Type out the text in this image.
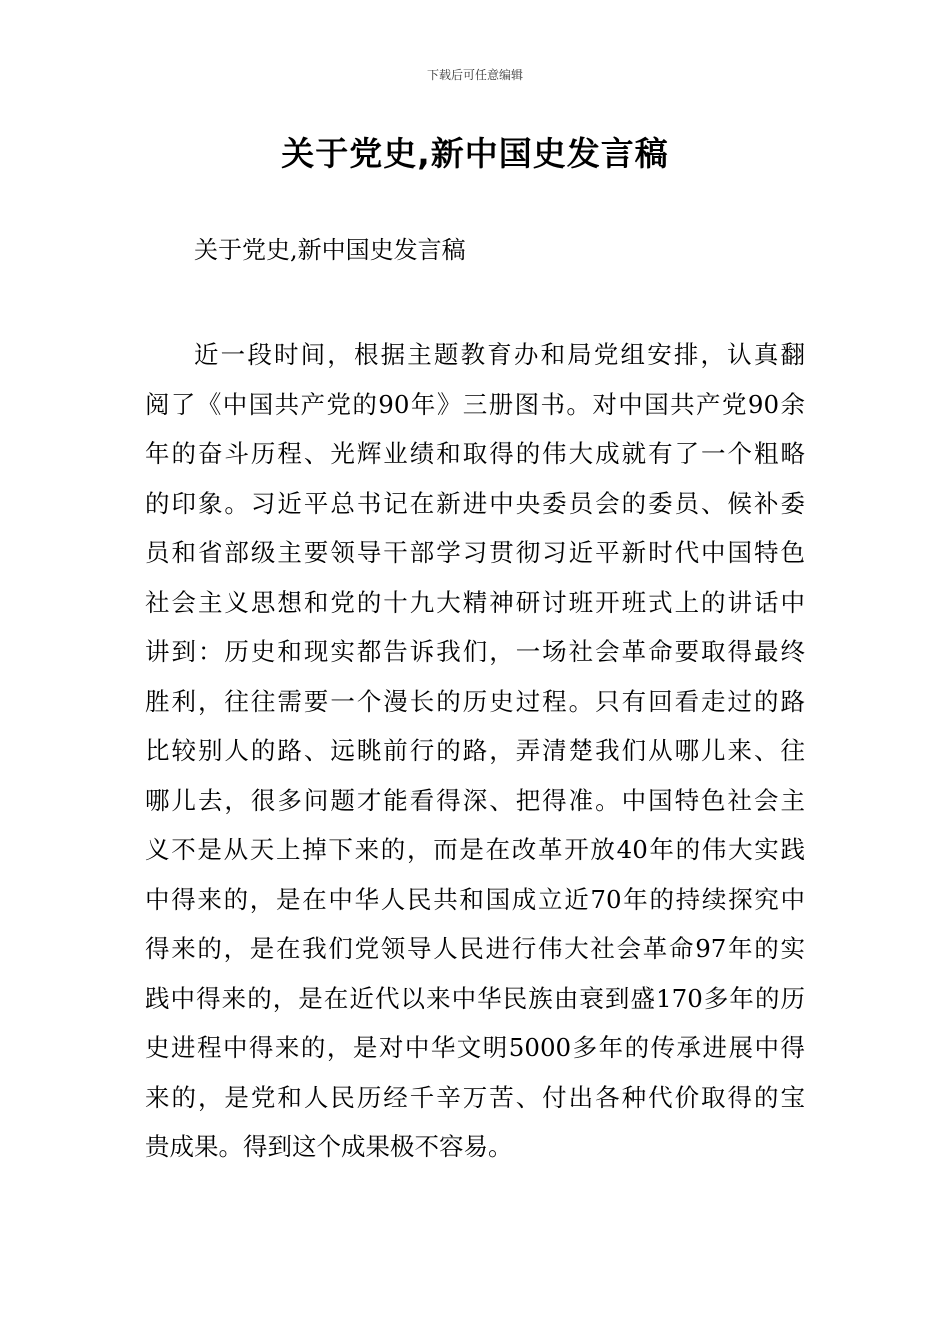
下载后可任意编辑
关于党史,新中国史发言稿
关于党史,新中国史发言稿
近一段时间，根据主题教育办和局党组安排，认真翻
阅了《中国共产党的90年》三册图书。对中国共产党90余
年的奋斗历程、光辉业绩和取得的伟大成就有了一个粗略
的印象。习近平总书记在新进中央委员会的委员、候补委
员和省部级主要领导干部学习贯彻习近平新时代中国特色
社会主义思想和党的十九大精神研讨班开班式上的讲话中
讲到：历史和现实都告诉我们，一场社会革命要取得最终
胜利，往往需要一个漫长的历史过程。只有回看走过的路
比较别人的路、远眺前行的路，弄清楚我们从哪儿来、往
哪儿去，很多问题才能看得深、把得准。中国特色社会主
义不是从天上掉下来的，而是在改革开放40年的伟大实践
中得来的，是在中华人民共和国成立近70年的持续探究中
得来的，是在我们党领导人民进行伟大社会革命97年的实
践中得来的，是在近代以来中华民族由衰到盛170多年的历
史进程中得来的，是对中华文明5000多年的传承进展中得
来的，是党和人民历经千辛万苦、付出各种代价取得的宝
贵成果。得到这个成果极不容易。
